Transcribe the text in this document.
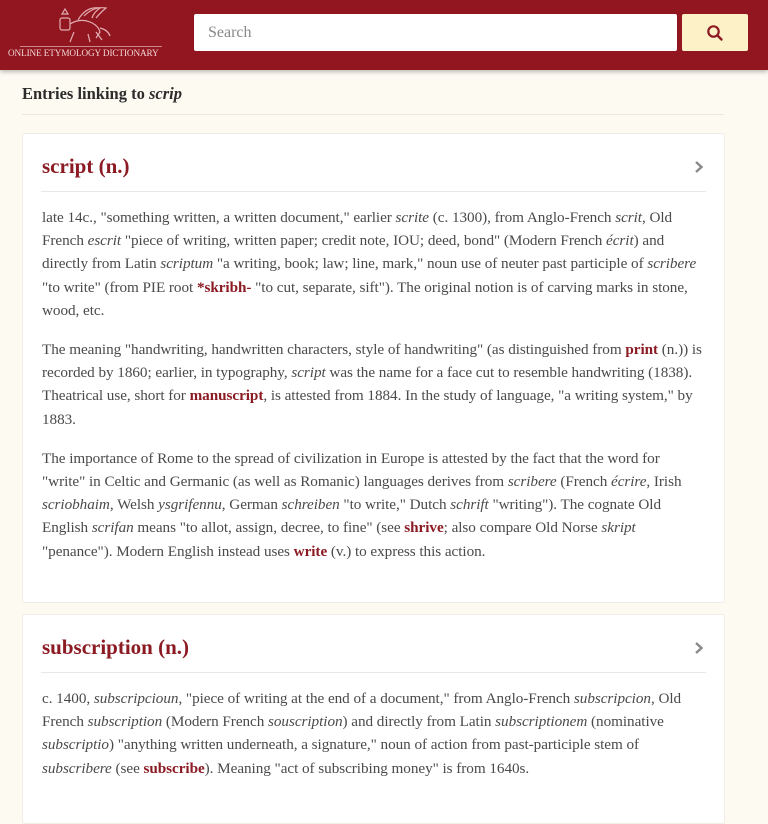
ONLINE ETYMOLOGY DICTIONARY
Search
Entries linking to scrip
script (n.)

late 14c., "something written, a written document," earlier scrite (c. 1300), from Anglo-French scrit, Old French escrit "piece of writing, written paper; credit note, IOU; deed, bond" (Modern French écrit) and directly from Latin scriptum "a writing, book; law; line, mark," noun use of neuter past participle of scribere "to write" (from PIE root *skribh- "to cut, separate, sift"). The original notion is of carving marks in stone, wood, etc.

The meaning "handwriting, handwritten characters, style of handwriting" (as distinguished from print (n.)) is recorded by 1860; earlier, in typography, script was the name for a face cut to resemble handwriting (1838). Theatrical use, short for manuscript, is attested from 1884. In the study of language, "a writing system," by 1883.

The importance of Rome to the spread of civilization in Europe is attested by the fact that the word for "write" in Celtic and Germanic (as well as Romanic) languages derives from scribere (French écrire, Irish scriobhaim, Welsh ysgrifennu, German schreiben "to write," Dutch schrift "writing"). The cognate Old English scrifan means "to allot, assign, decree, to fine" (see shrive; also compare Old Norse skript "penance"). Modern English instead uses write (v.) to express this action.

subscription (n.)

c. 1400, subscripcioun, "piece of writing at the end of a document," from Anglo-French subscripcion, Old French subscription (Modern French souscription) and directly from Latin subscriptionem (nominative subscriptio) "anything written underneath, a signature," noun of action from past-participle stem of subscribere (see subscribe). Meaning "act of subscribing money" is from 1640s.
